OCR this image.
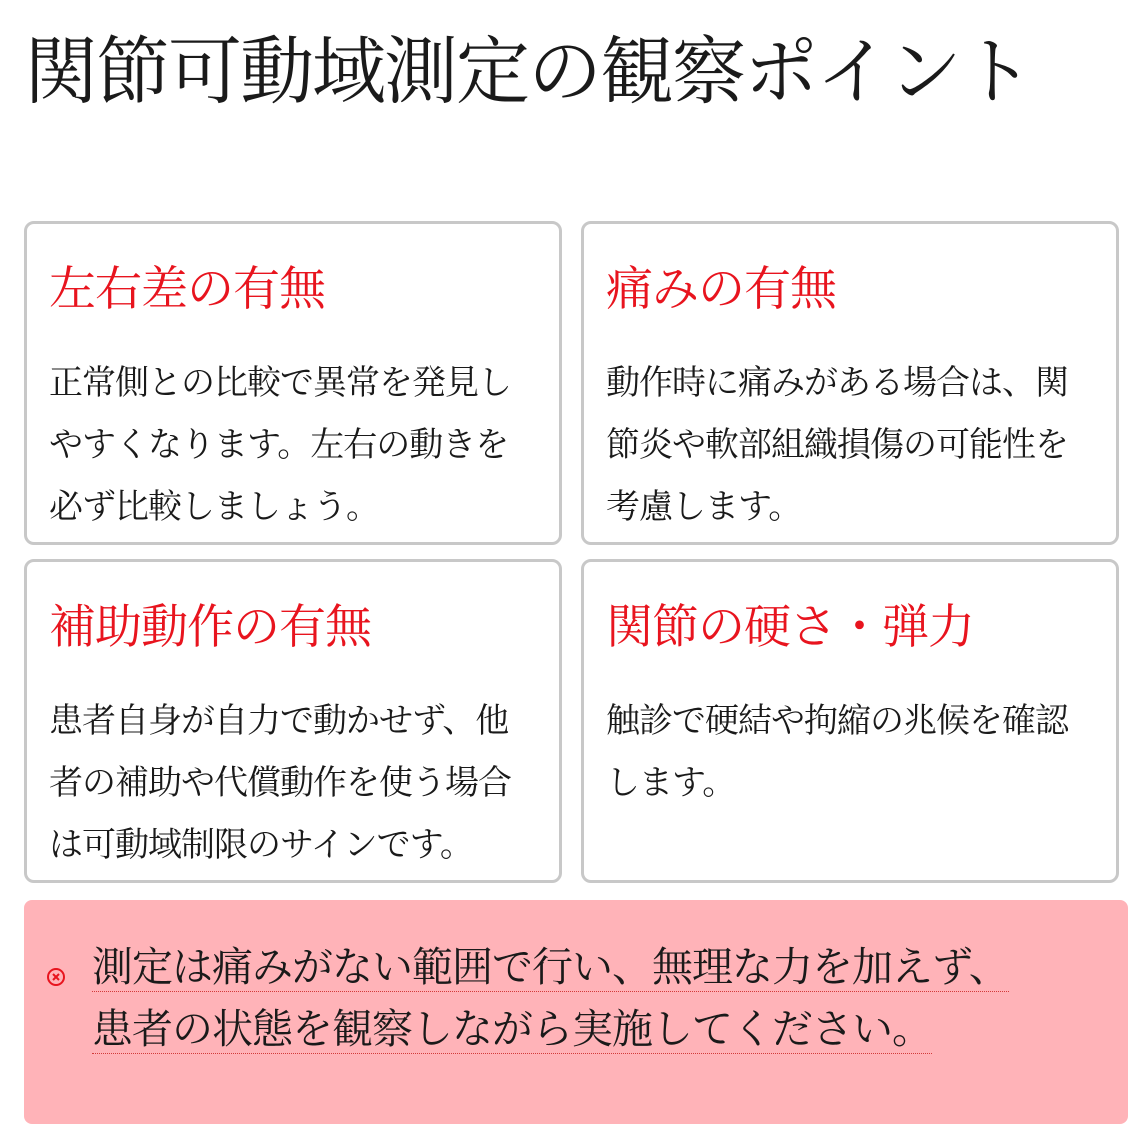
関節可動域測定の観察ポイント
左右差の有無

正常側との比較で異常を発見しやすくなります。左右の動きを必ず比較しましょう。

痛みの有無

動作時に痛みがある場合は、関節炎や軟部組織損傷の可能性を考慮します。

補助動作の有無

患者自身が自力で動かせず、他者の補助や代償動作を使う場合は可動域制限のサインです。

関節の硬さ・弾力

触診で硬結や拘縮の兆候を確認します。

測定は痛みがない範囲で行い、無理な力を加えず、
患者の状態を観察しながら実施してください。
